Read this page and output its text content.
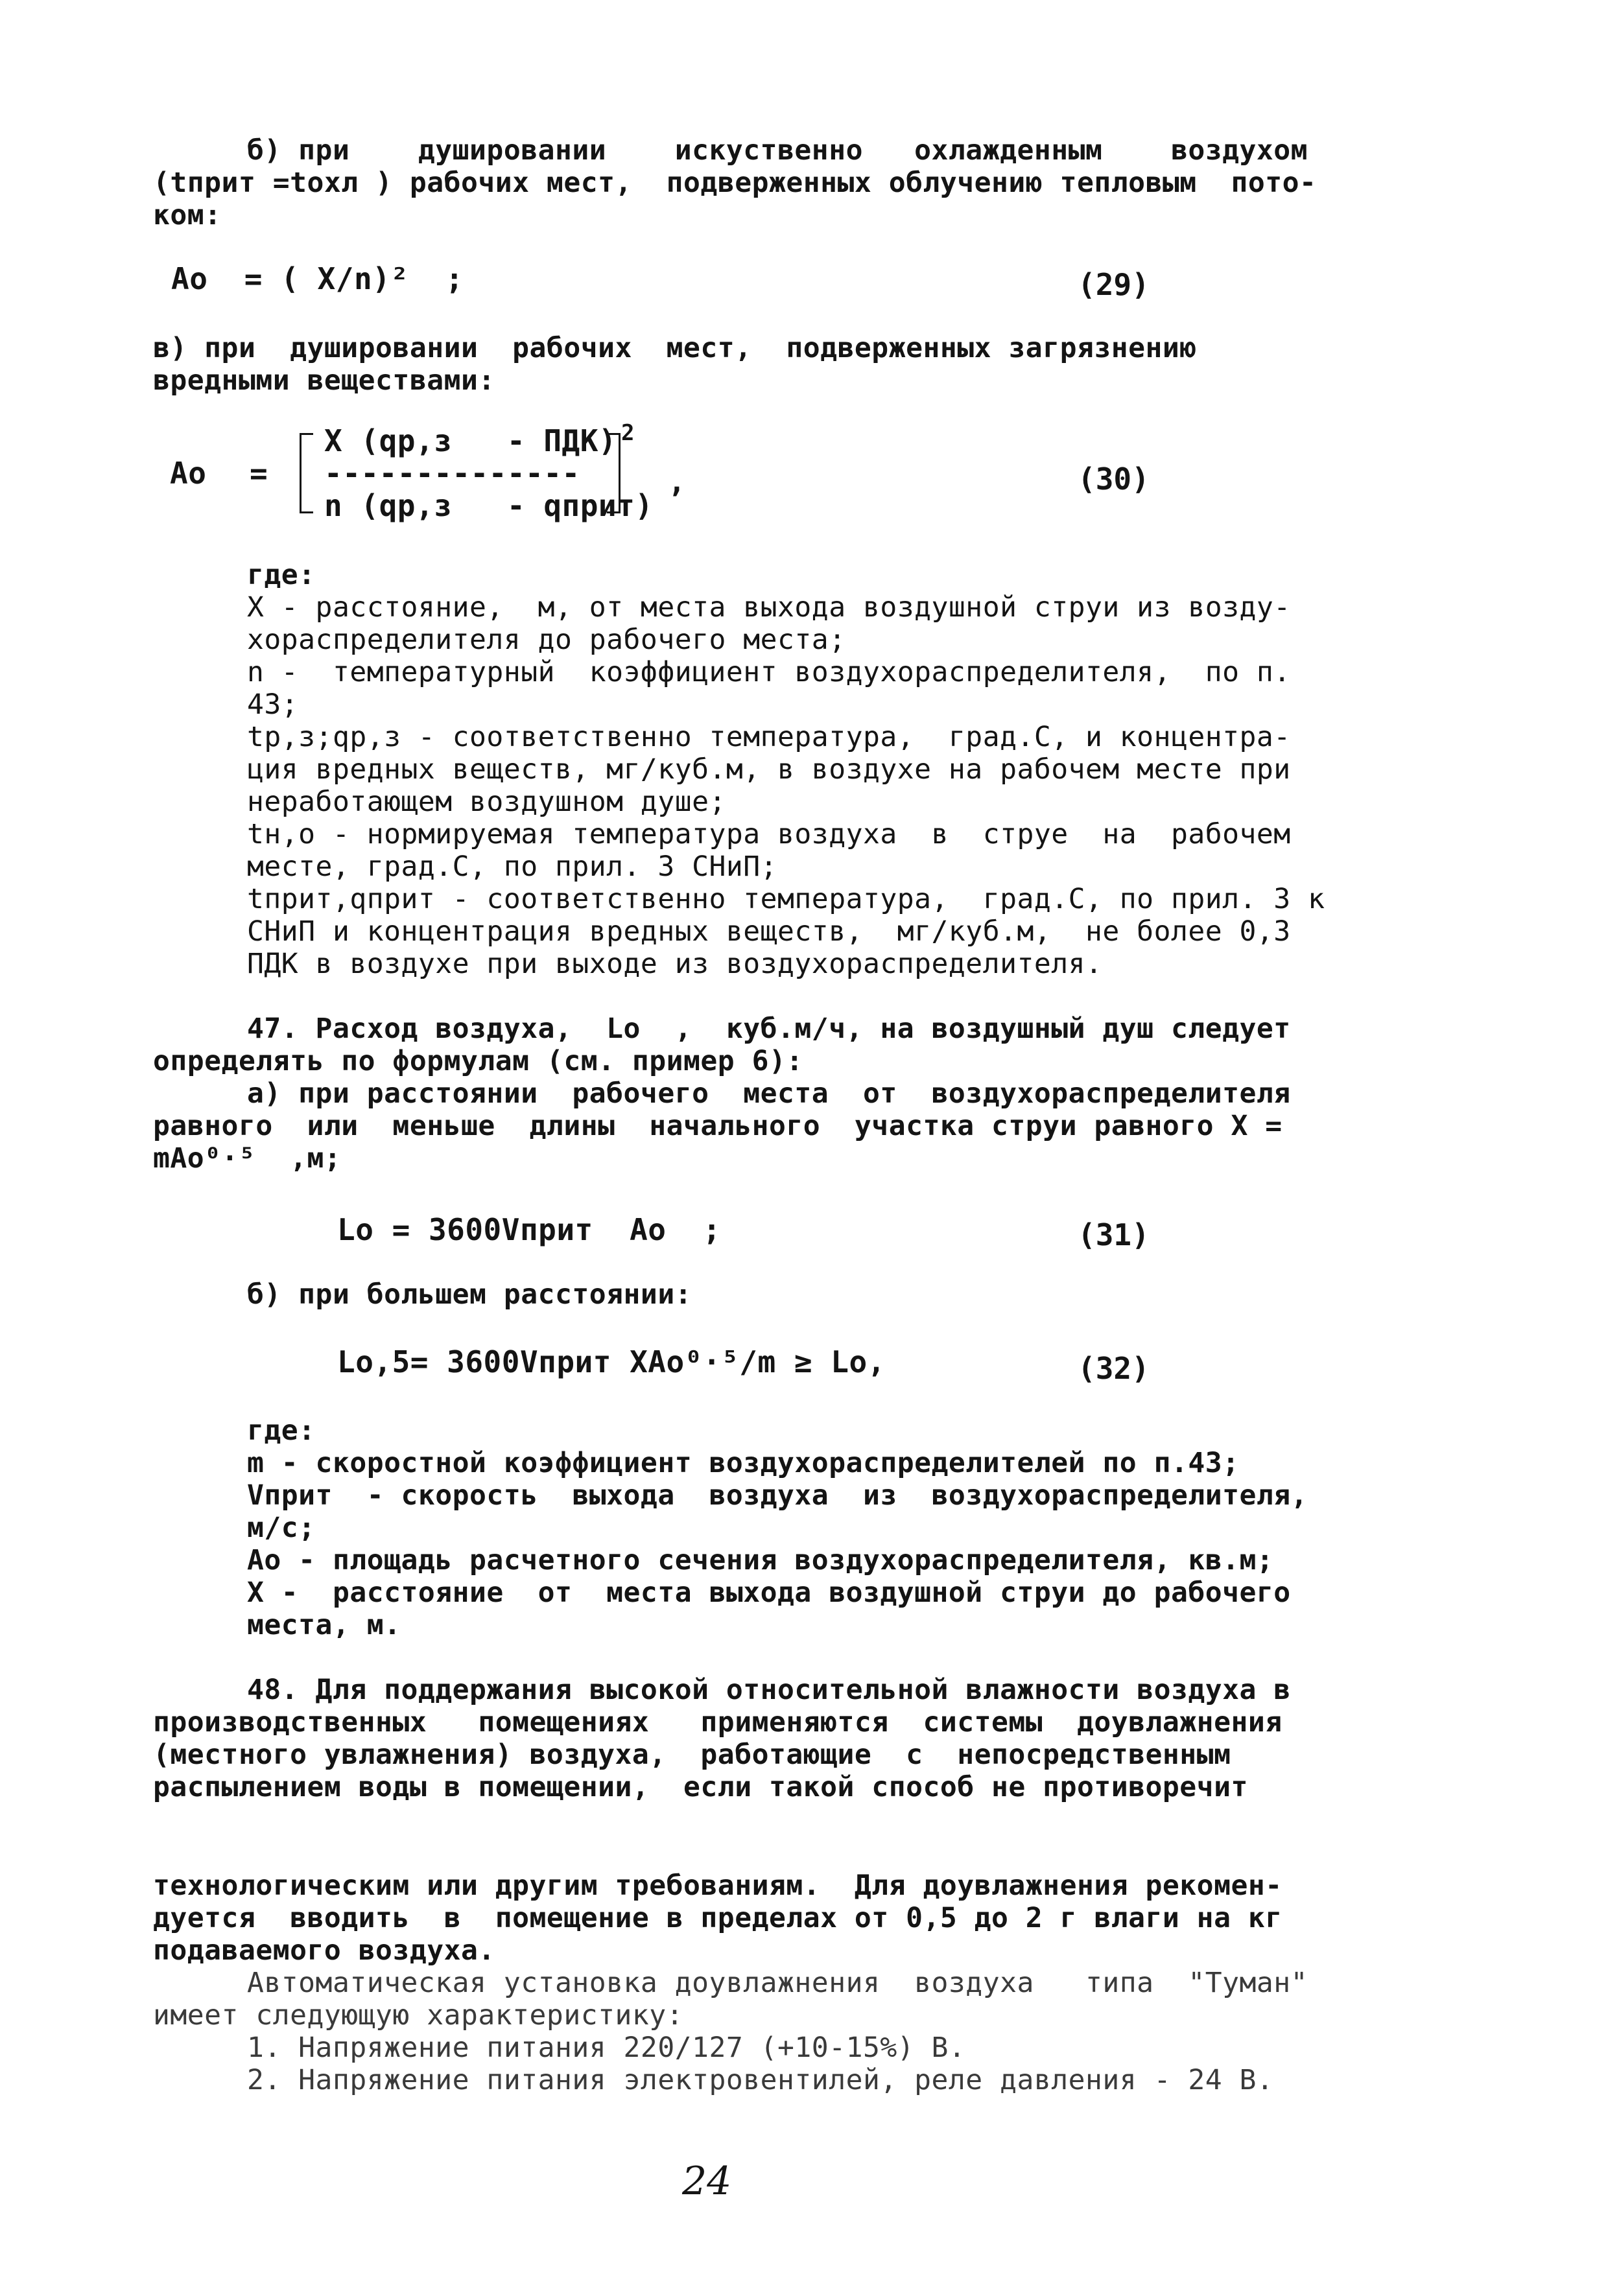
б) при    душировании    искуственно   охлажденным    воздухом
(tприт =tохл ) рабочих мест,  подверженных облучению тепловым  пото-
ком:
Ao  = ( X/n)²  ;	(29)
в) при  душировании  рабочих  мест,  подверженных загрязнению
вредными веществами:
Ao =
X (qр,з   - ПДК)
--------------
n (qр,з   - qприт)
2
,	(30)
где:
X - расстояние,  м, от места выхода воздушной струи из возду-
хораспределителя до рабочего места;
n -  температурный  коэффициент воздухораспределителя,  по п.
43;
tр,з;qр,з - соответственно температура,  град.С, и концентра-
ция вредных веществ, мг/куб.м, в воздухе на рабочем месте при
неработающем воздушном душе;
tн,о - нормируемая температура воздуха  в  струе  на  рабочем
месте, град.С, по прил. 3 СНиП;
tприт,qприт - соответственно температура,  град.С, по прил. 3 к
СНиП и концентрация вредных веществ,  мг/куб.м,  не более 0,3
ПДК в воздухе при выходе из воздухораспределителя.
47. Расход воздуха,  Lо  ,  куб.м/ч, на воздушный душ следует
определять по формулам (см. пример 6):
а) при расстоянии  рабочего  места  от  воздухораспределителя
равного  или  меньше  длины  начального  участка струи равного X =
mAо⁰·⁵  ,м;
Lо = 3600Vприт  Aо  ;	(31)
б) при большем расстоянии:
Lо,5= 3600Vприт XAо⁰·⁵/m ≥ Lо,	(32)
где:
m - скоростной коэффициент воздухораспределителей по п.43;
Vприт  - скорость  выхода  воздуха  из  воздухораспределителя,
м/с;
Aо - площадь расчетного сечения воздухораспределителя, кв.м;
X -  расстояние  от  места выхода воздушной струи до рабочего
места, м.
48. Для поддержания высокой относительной влажности воздуха в
производственных   помещениях   применяются  системы  доувлажнения
(местного увлажнения) воздуха,  работающие  с  непосредственным
распылением воды в помещении,  если такой способ не противоречит
технологическим или другим требованиям.  Для доувлажнения рекомен-
дуется  вводить  в  помещение в пределах от 0,5 до 2 г влаги на кг
подаваемого воздуха.
Автоматическая установка доувлажнения  воздуха   типа  "Туман"
имеет следующую характеристику:
1. Напряжение питания 220/127 (+10-15%) В.
2. Напряжение питания электровентилей, реле давления - 24 В.
24
